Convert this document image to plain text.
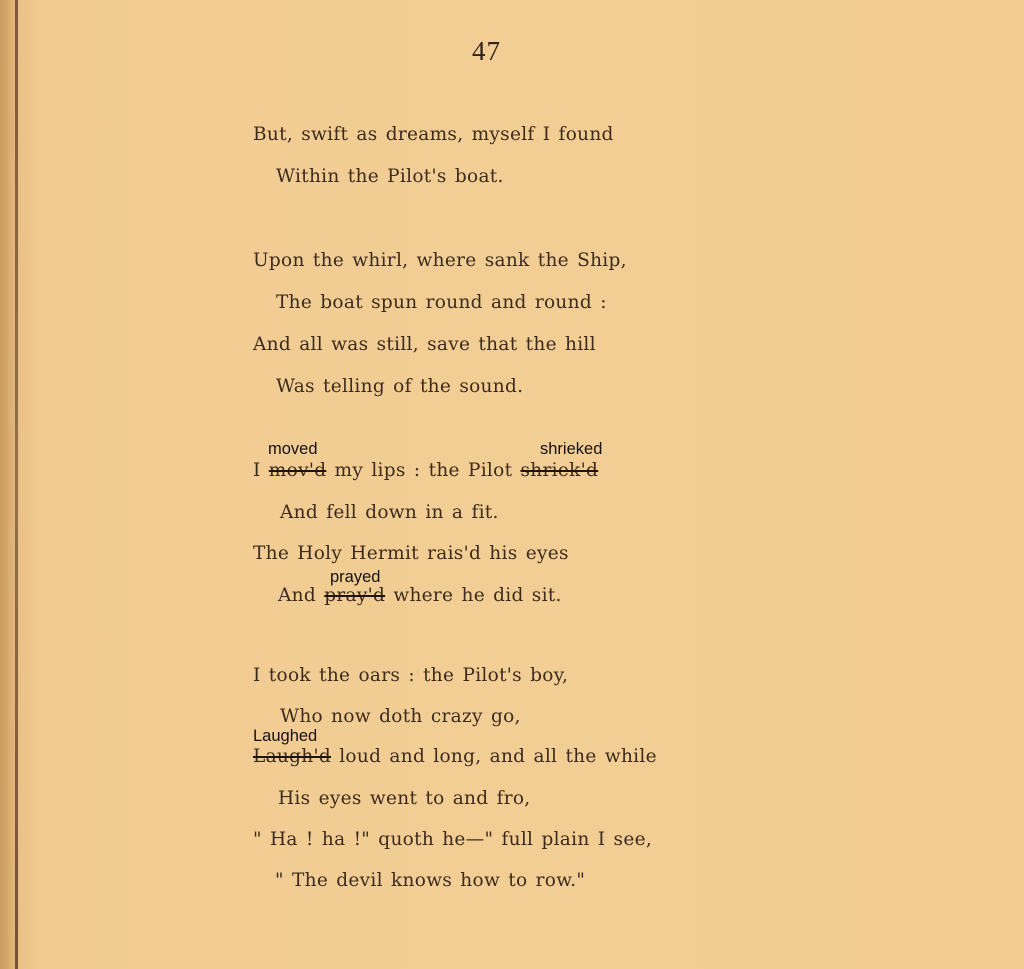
47
But, swift as dreams, myself I found
Within the Pilot's boat.
Upon the whirl, where sank the Ship,
The boat spun round and round :
And all was still, save that the hill
Was telling of the sound.
moved	shrieked
I mov'd my lips : the Pilot shriek'd
And fell down in a fit.
The Holy Hermit rais'd his eyes
prayed
And pray'd where he did sit.
I took the oars : the Pilot's boy,
Who now doth crazy go,
Laughed
Laugh'd loud and long, and all the while
His eyes went to and fro,
" Ha ! ha !" quoth he—" full plain I see,
" The devil knows how to row."
